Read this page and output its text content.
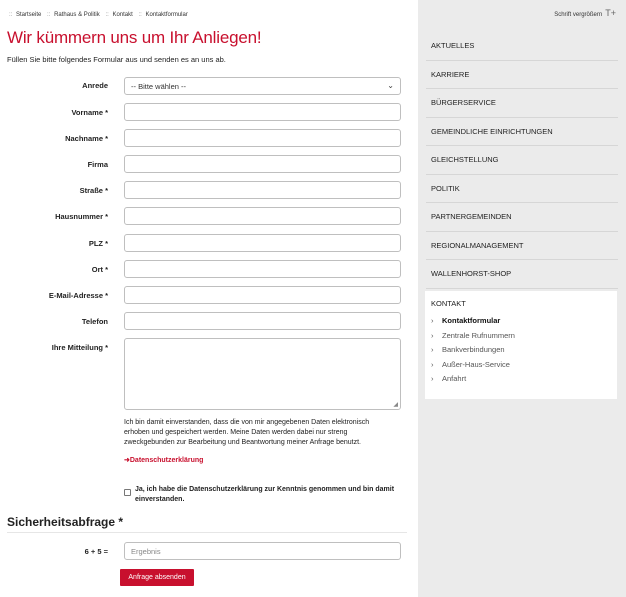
:: Startseite :: Rathaus & Politik :: Kontakt :: Kontaktformular
Wir kümmern uns um Ihr Anliegen!

Füllen Sie bitte folgendes Formular aus und senden es an uns ab.

Anrede	-- Bitte wählen --	⌄
Vorname *
Nachname *
Firma
Straße *
Hausnummer *
PLZ *
Ort *
E-Mail-Adresse *
Telefon
Ihre Mitteilung *
◢

Ich bin damit einverstanden, dass die von mir angegebenen Daten elektronisch erhoben und gespeichert werden. Meine Daten werden dabei nur streng zweckgebunden zur Bearbeitung und Beantwortung meiner Anfrage benutzt.

➜Datenschutzerklärung
Ja, ich habe die Datenschutzerklärung zur Kenntnis genommen und bin damit einverstanden.
Sicherheitsabfrage *
6 + 5 =	Ergebnis
Anfrage absenden
Schrift vergrößern T+
AKTUELLES
KARRIERE
BÜRGERSERVICE
GEMEINDLICHE EINRICHTUNGEN
GLEICHSTELLUNG
POLITIK
PARTNERGEMEINDEN
REGIONALMANAGEMENT
WALLENHORST-SHOP
KONTAKT
› Kontaktformular
› Zentrale Rufnummern
› Bankverbindungen
› Außer-Haus-Service
› Anfahrt
